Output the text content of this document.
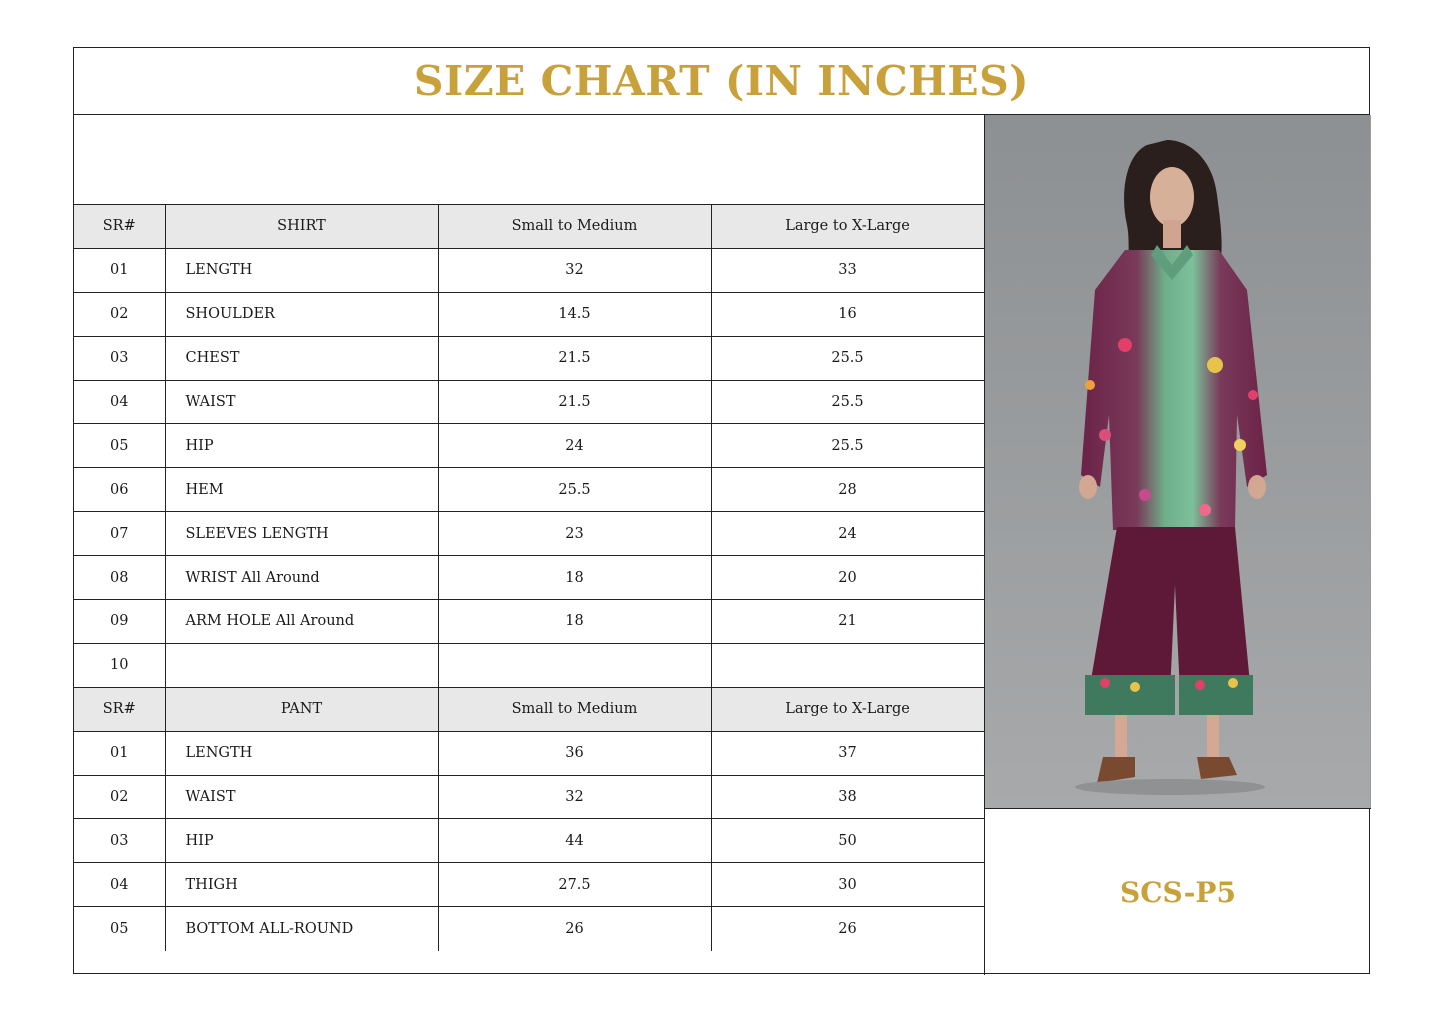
SIZE CHART (IN INCHES)
SR#	SHIRT	Small to Medium	Large to X-Large
01	LENGTH	32	33
02	SHOULDER	14.5	16
03	CHEST	21.5	25.5
04	WAIST	21.5	25.5
05	HIP	24	25.5
06	HEM	25.5	28
07	SLEEVES LENGTH	23	24
08	WRIST All Around	18	20
09	ARM HOLE All Around	18	21
10			
SR#	PANT	Small to Medium	Large to X-Large
01	LENGTH	36	37
02	WAIST	32	38
03	HIP	44	50
04	THIGH	27.5	30
05	BOTTOM ALL-ROUND	26	26
SCS-P5
